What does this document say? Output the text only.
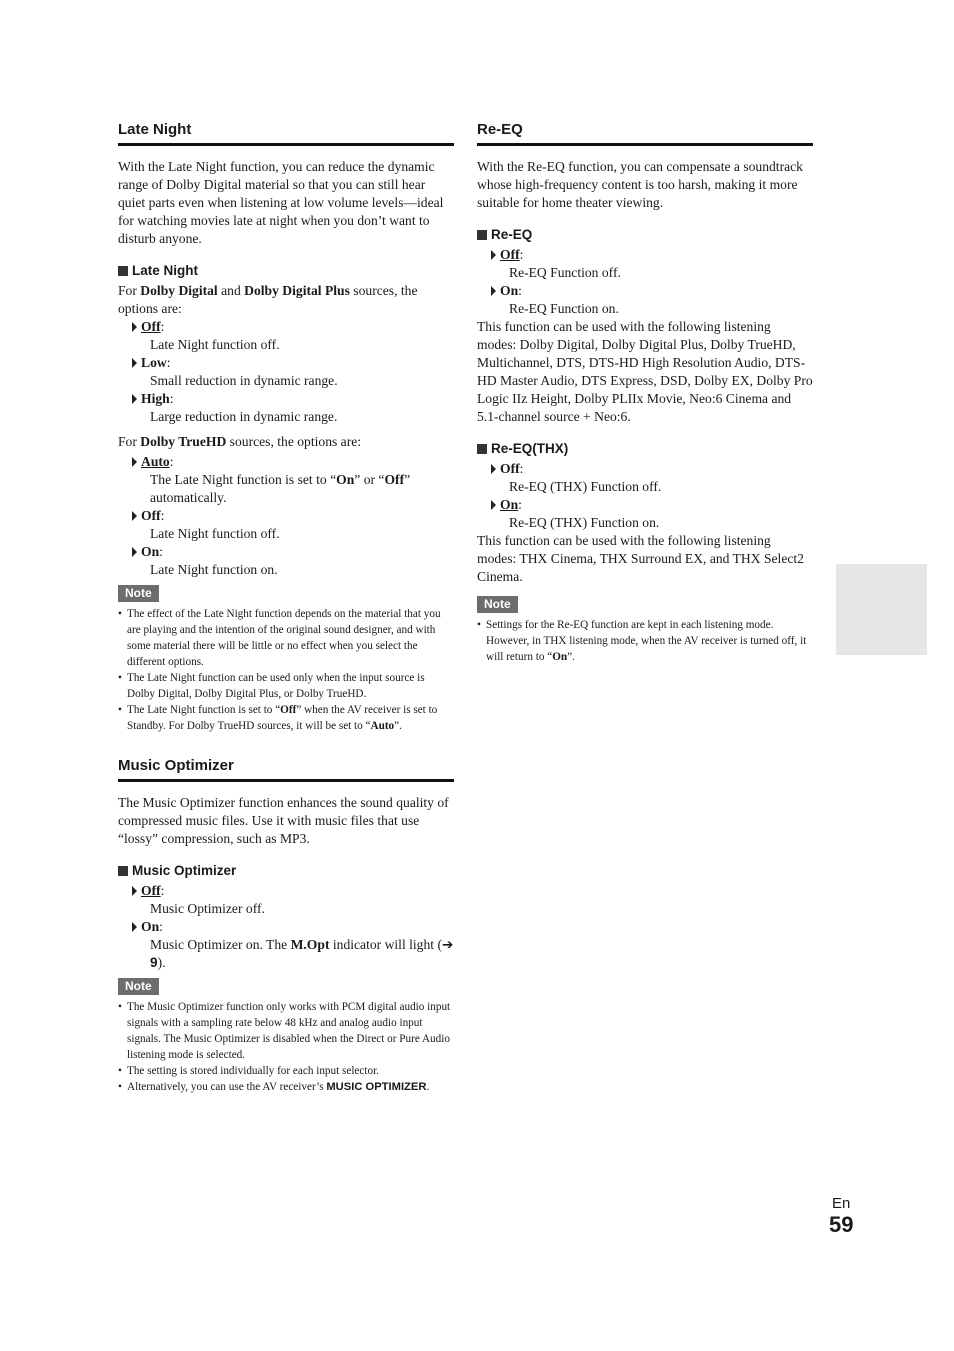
Late Night

With the Late Night function, you can reduce the dynamic range of Dolby Digital material so that you can still hear quiet parts even when listening at low volume levels—ideal for watching movies late at night when you don’t want to disturb anyone.

Late Night

For Dolby Digital and Dolby Digital Plus sources, the options are:

Off :
Late Night function off.
Low :
Small reduction in dynamic range.
High :
Large reduction in dynamic range.

For Dolby TrueHD sources, the options are:

Auto :
The Late Night function is set to “On” or “Off” automatically.
Off :
Late Night function off.
On :
Late Night function on.
Note
• The effect of the Late Night function depends on the material that you are playing and the intention of the original sound designer, and with some material there will be little or no effect when you select the different options.
• The Late Night function can be used only when the input source is Dolby Digital, Dolby Digital Plus, or Dolby TrueHD.
• The Late Night function is set to “Off” when the AV receiver is set to Standby. For Dolby TrueHD sources, it will be set to “Auto”.
Music Optimizer

The Music Optimizer function enhances the sound quality of compressed music files. Use it with music files that use “lossy” compression, such as MP3.

Music Optimizer
Off :
Music Optimizer off.
On :
Music Optimizer on. The M.Opt indicator will light (➔ 9).
Note
• The Music Optimizer function only works with PCM digital audio input signals with a sampling rate below 48 kHz and analog audio input signals. The Music Optimizer is disabled when the Direct or Pure Audio listening mode is selected.
• The setting is stored individually for each input selector.
• Alternatively, you can use the AV receiver’s MUSIC OPTIMIZER.
Re-EQ

With the Re-EQ function, you can compensate a soundtrack whose high-frequency content is too harsh, making it more suitable for home theater viewing.

Re-EQ
Off :
Re-EQ Function off.
On :
Re-EQ Function on.

This function can be used with the following listening modes: Dolby Digital, Dolby Digital Plus, Dolby TrueHD, Multichannel, DTS, DTS-HD High Resolution Audio, DTS-HD Master Audio, DTS Express, DSD, Dolby EX, Dolby Pro Logic IIz Height, Dolby PLIIx Movie, Neo:6 Cinema and 5.1-channel source + Neo:6.

Re-EQ(THX)
Off :
Re-EQ (THX) Function off.
On :
Re-EQ (THX) Function on.

This function can be used with the following listening modes: THX Cinema, THX Surround EX, and THX Select2 Cinema.

Note
• Settings for the Re-EQ function are kept in each listening mode. However, in THX listening mode, when the AV receiver is turned off, it will return to “On”.
En
59
